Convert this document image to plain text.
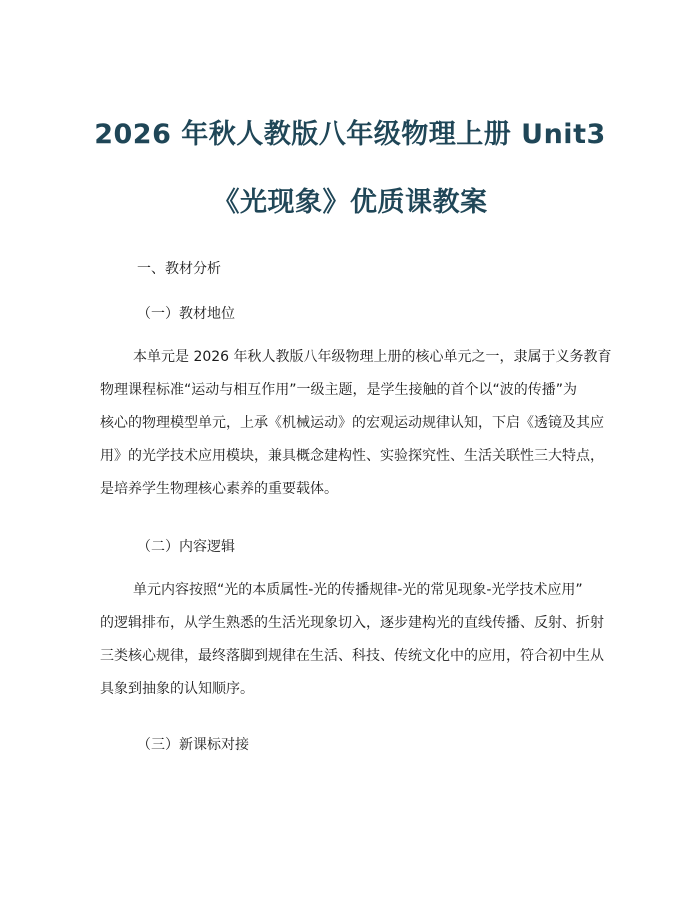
2026 年秋人教版八年级物理上册 Unit3
《光现象》优质课教案
一、教材分析
（一）教材地位
本单元是 2026 年秋人教版八年级物理上册的核心单元之一，隶属于义务教育
物理课程标准“运动与相互作用”一级主题，是学生接触的首个以“波的传播”为
核心的物理模型单元，上承《机械运动》的宏观运动规律认知，下启《透镜及其应
用》的光学技术应用模块，兼具概念建构性、实验探究性、生活关联性三大特点，
是培养学生物理核心素养的重要载体。
（二）内容逻辑
单元内容按照“光的本质属性-光的传播规律-光的常见现象-光学技术应用”
的逻辑排布，从学生熟悉的生活光现象切入，逐步建构光的直线传播、反射、折射
三类核心规律，最终落脚到规律在生活、科技、传统文化中的应用，符合初中生从
具象到抽象的认知顺序。
（三）新课标对接
